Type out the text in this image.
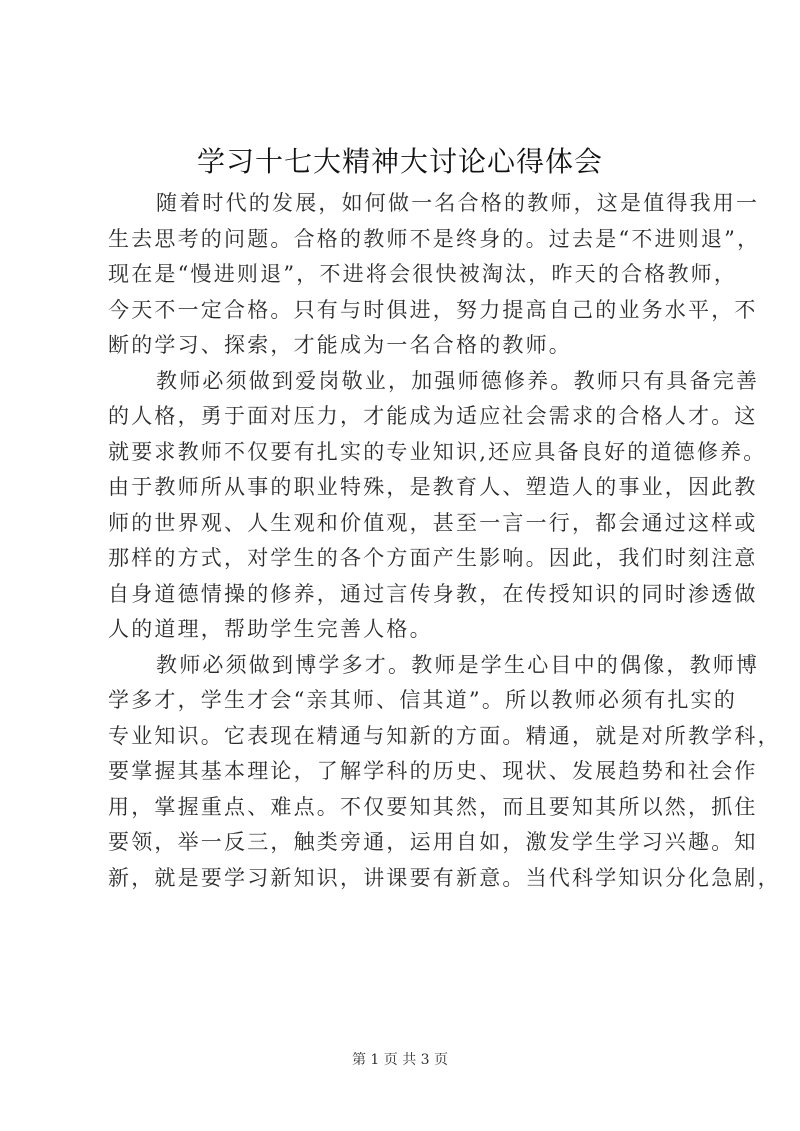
学习十七大精神大讨论心得体会
随着时代的发展，如何做一名合格的教师，这是值得我用一
生去思考的问题。合格的教师不是终身的。过去是“不进则退”，
现在是“慢进则退”，不进将会很快被淘汰，昨天的合格教师，
今天不一定合格。只有与时俱进，努力提高自己的业务水平，不
断的学习、探索，才能成为一名合格的教师。
教师必须做到爱岗敬业，加强师德修养。教师只有具备完善
的人格，勇于面对压力，才能成为适应社会需求的合格人才。这
就要求教师不仅要有扎实的专业知识,还应具备良好的道德修养。
由于教师所从事的职业特殊，是教育人、塑造人的事业，因此教
师的世界观、人生观和价值观，甚至一言一行，都会通过这样或
那样的方式，对学生的各个方面产生影响。因此，我们时刻注意
自身道德情操的修养，通过言传身教，在传授知识的同时渗透做
人的道理，帮助学生完善人格。
教师必须做到博学多才。教师是学生心目中的偶像，教师博
学多才，学生才会“亲其师、信其道”。所以教师必须有扎实的
专业知识。它表现在精通与知新的方面。精通，就是对所教学科，
要掌握其基本理论，了解学科的历史、现状、发展趋势和社会作
用，掌握重点、难点。不仅要知其然，而且要知其所以然，抓住
要领，举一反三，触类旁通，运用自如，激发学生学习兴趣。知
新，就是要学习新知识，讲课要有新意。当代科学知识分化急剧，
第 1 页 共 3 页
